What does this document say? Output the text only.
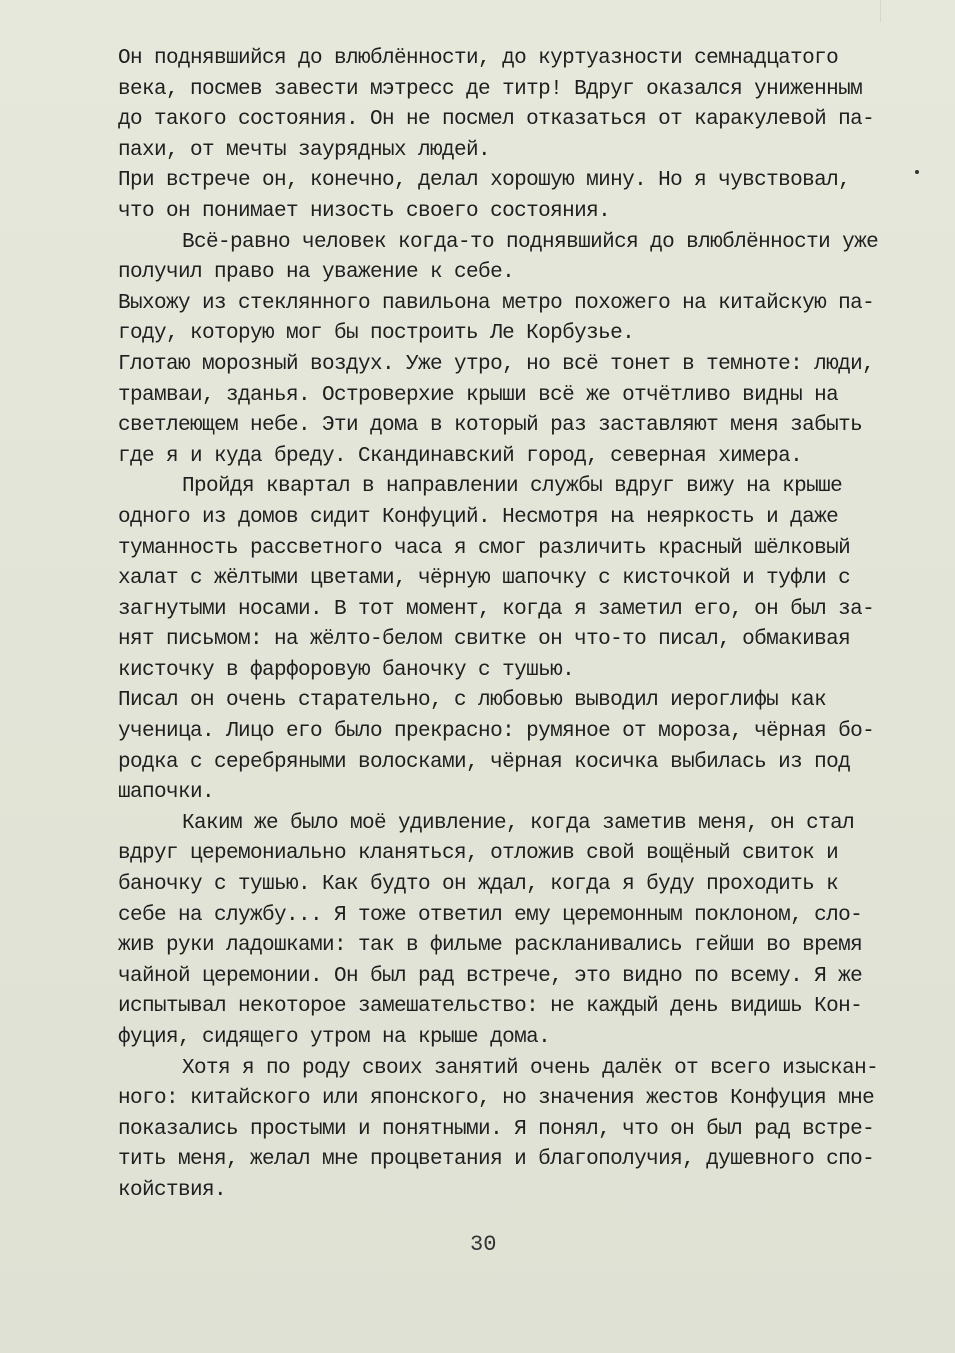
Он поднявшийся до влюблённости, до куртуазности семнадцатого
века, посмев завести мэтресс де титр! Вдруг оказался униженным
до такого состояния. Он не посмел отказаться от каракулевой па-
пахи, от мечты заурядных людей.
При встрече он, конечно, делал хорошую мину. Но я чувствовал,
что он понимает низость своего состояния.
Всё-равно человек когда-то поднявшийся до влюблённости уже
получил право на уважение к себе.
Выхожу из стеклянного павильона метро похожего на китайскую па-
году, которую мог бы построить Ле Корбузье.
Глотаю морозный воздух. Уже утро, но всё тонет в темноте: люди,
трамваи, зданья. Островерхие крыши всё же отчётливо видны на
светлеющем небе. Эти дома в который раз заставляют меня забыть
где я и куда бреду. Скандинавский город, северная химера.
Пройдя квартал в направлении службы вдруг вижу на крыше
одного из домов сидит Конфуций. Несмотря на неяркость и даже
туманность рассветного часа я смог различить красный шёлковый
халат с жёлтыми цветами, чёрную шапочку с кисточкой и туфли с
загнутыми носами. В тот момент, когда я заметил его, он был за-
нят письмом: на жёлто-белом свитке он что-то писал, обмакивая
кисточку в фарфоровую баночку с тушью.
Писал он очень старательно, с любовью выводил иероглифы как
ученица. Лицо его было прекрасно: румяное от мороза, чёрная бо-
родка с серебряными волосками, чёрная косичка выбилась из под
шапочки.
Каким же было моё удивление, когда заметив меня, он стал
вдруг церемониально кланяться, отложив свой вощёный свиток и
баночку с тушью. Как будто он ждал, когда я буду проходить к
себе на службу... Я тоже ответил ему церемонным поклоном, сло-
жив руки ладошками: так в фильме раскланивались гейши во время
чайной церемонии. Он был рад встрече, это видно по всему. Я же
испытывал некоторое замешательство: не каждый день видишь Кон-
фуция, сидящего утром на крыше дома.
Хотя я по роду своих занятий очень далёк от всего изыскан-
ного: китайского или японского, но значения жестов Конфуция мне
показались простыми и понятными. Я понял, что он был рад встре-
тить меня, желал мне процветания и благополучия, душевного спо-
койствия.
30
